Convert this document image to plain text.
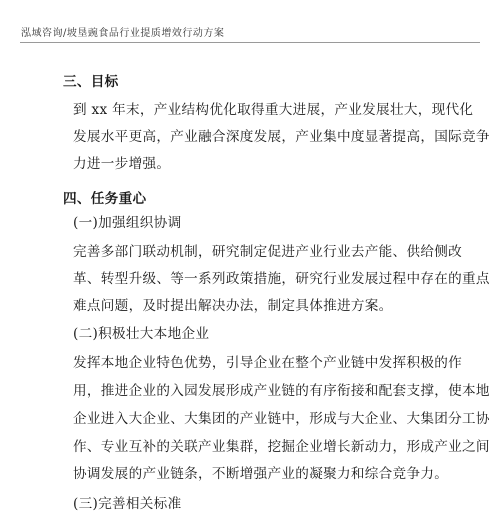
泓域咨询/坡垦豌食品行业提质增效行动方案
三、目标
到 xx 年末，产业结构优化取得重大进展，产业发展壮大，现代化
发展水平更高，产业融合深度发展，产业集中度显著提高，国际竞争
力进一步增强。
四、任务重心
(一)加强组织协调
完善多部门联动机制，研究制定促进产业行业去产能、供给侧改
革、转型升级、等一系列政策措施，研究行业发展过程中存在的重点
难点问题，及时提出解决办法，制定具体推进方案。
(二)积极壮大本地企业
发挥本地企业特色优势，引导企业在整个产业链中发挥积极的作
用，推进企业的入园发展形成产业链的有序衔接和配套支撑，使本地
企业进入大企业、大集团的产业链中，形成与大企业、大集团分工协
作、专业互补的关联产业集群，挖掘企业增长新动力，形成产业之间
协调发展的产业链条，不断增强产业的凝聚力和综合竞争力。
(三)完善相关标准
